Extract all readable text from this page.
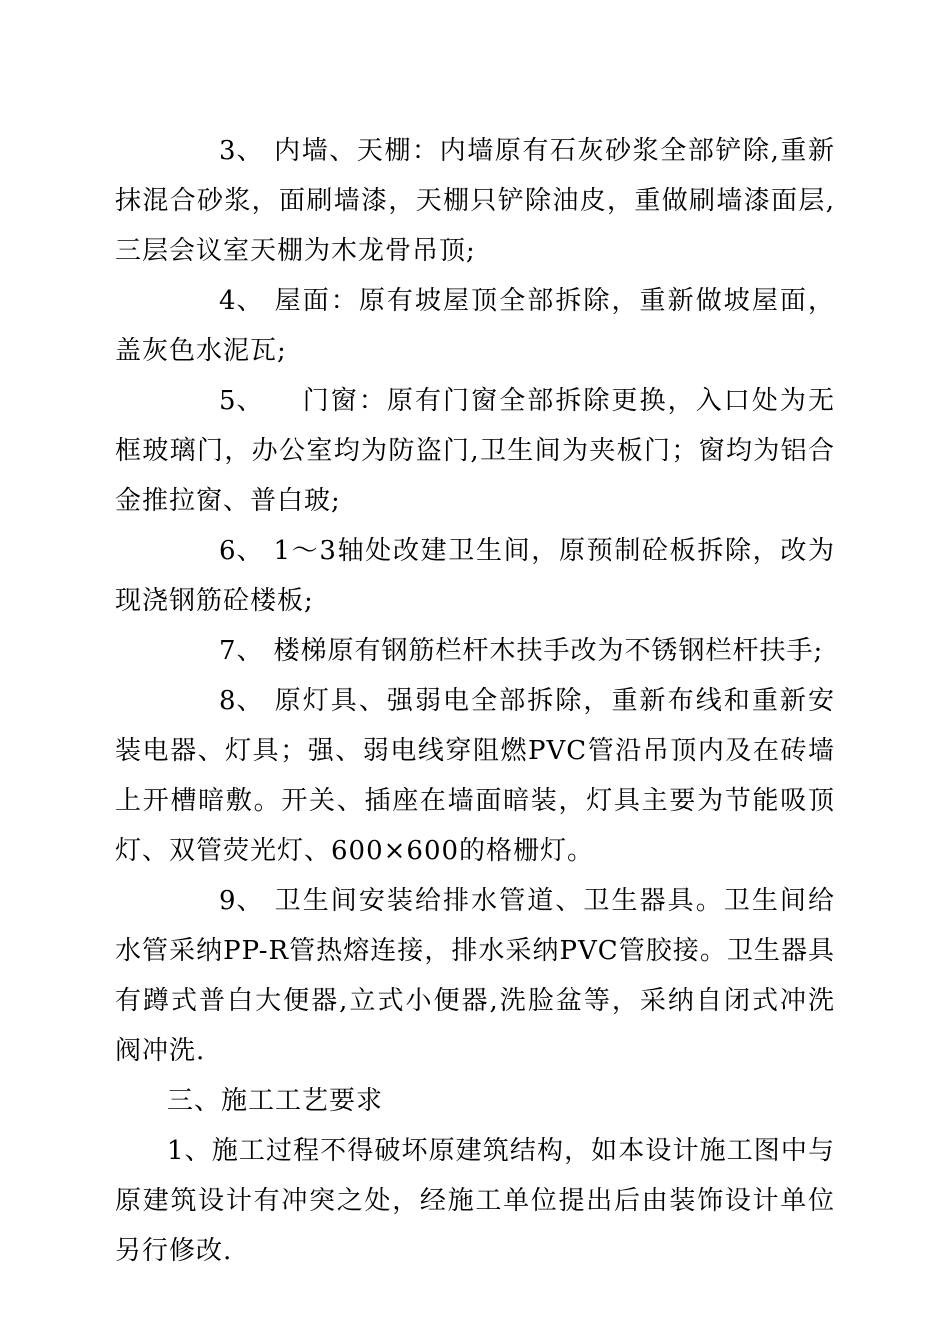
3、 内墙、天棚：内墙原有石灰砂浆全部铲除,重新抹混合砂浆，面刷墙漆，天棚只铲除油皮，重做刷墙漆面层,三层会议室天棚为木龙骨吊顶;

4、 屋面：原有坡屋顶全部拆除，重新做坡屋面，盖灰色水泥瓦;

5、　门窗：原有门窗全部拆除更换，入口处为无框玻璃门，办公室均为防盗门,卫生间为夹板门；窗均为铝合金推拉窗、普白玻;

6、 1～3轴处改建卫生间，原预制砼板拆除，改为现浇钢筋砼楼板;

7、 楼梯原有钢筋栏杆木扶手改为不锈钢栏杆扶手;

8、 原灯具、强弱电全部拆除，重新布线和重新安装电器、灯具；强、弱电线穿阻燃PVC管沿吊顶内及在砖墙上开槽暗敷。开关、插座在墙面暗装，灯具主要为节能吸顶灯、双管荧光灯、600×600的格栅灯。

9、 卫生间安装给排水管道、卫生器具。卫生间给水管采纳PP-R管热熔连接，排水采纳PVC管胶接。卫生器具有蹲式普白大便器,立式小便器,洗脸盆等，采纳自闭式冲洗阀冲洗.

三、施工工艺要求

1、施工过程不得破坏原建筑结构，如本设计施工图中与原建筑设计有冲突之处，经施工单位提出后由装饰设计单位另行修改.
